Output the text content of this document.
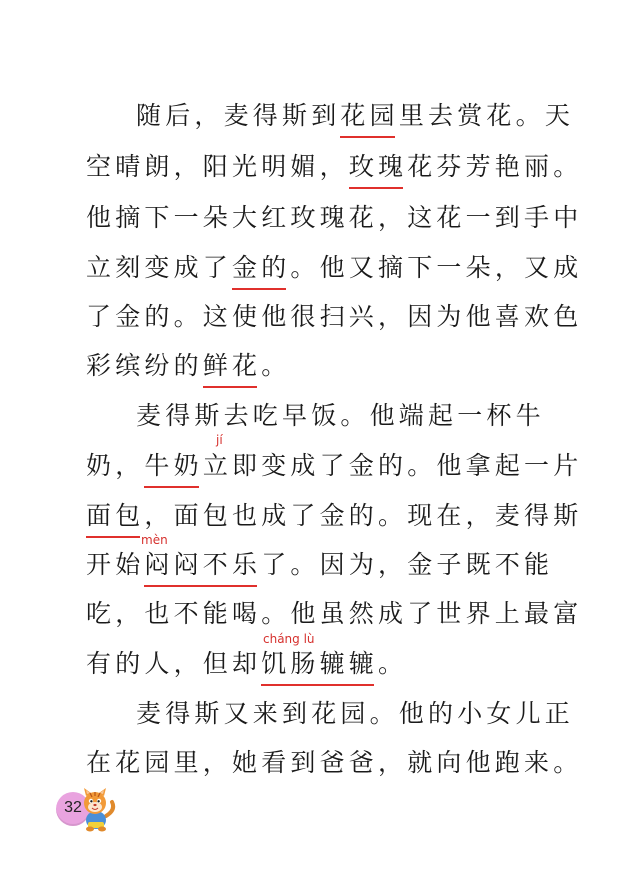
随后，麦得斯到花园里去赏花。天
空晴朗，阳光明媚，玫瑰花芬芳艳丽。
他摘下一朵大红玫瑰花，这花一到手中
立刻变成了金的。他又摘下一朵，又成
了金的。这使他很扫兴，因为他喜欢色
彩缤纷的鲜花。
麦得斯去吃早饭。他端起一杯牛
jí
奶，牛奶立即变成了金的。他拿起一片
面包，面包也成了金的。现在，麦得斯
mèn
开始闷闷不乐了。因为，金子既不能
吃，也不能喝。他虽然成了世界上最富
cháng lù
有的人，但却饥肠辘辘。
麦得斯又来到花园。他的小女儿正
在花园里，她看到爸爸，就向他跑来。
32
